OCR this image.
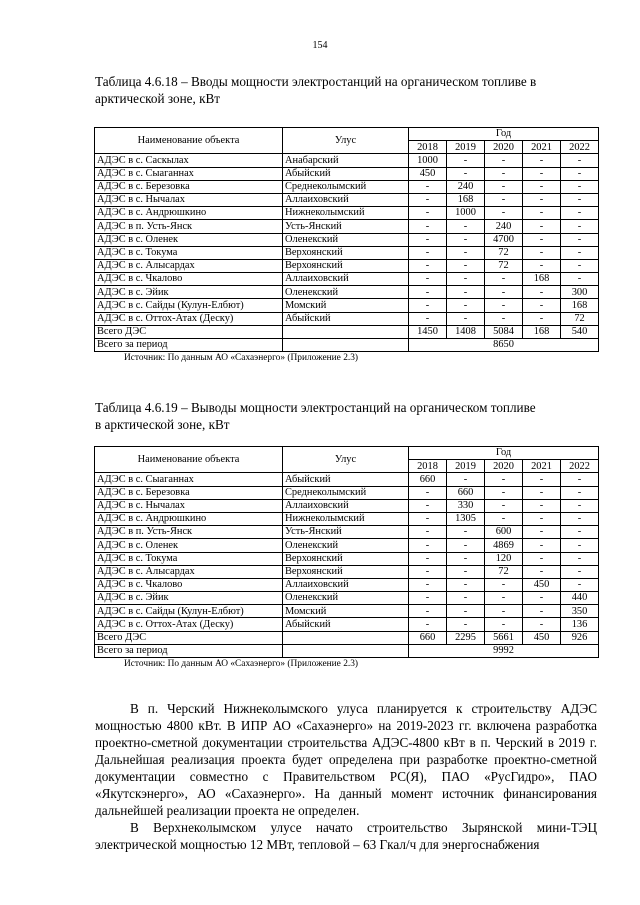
154
Таблица 4.6.18 – Вводы мощности электростанций на органическом топливе в арктической зоне, кВт
Наименование объекта	Улус	Год				
		2018	2019	2020	2021	2022
АДЭС в с. Саскылах	Анабарский	1000	-	-	-	-
АДЭС в с. Сыаганнах	Абыйский	450	-	-	-	-
АДЭС в с. Березовка	Среднеколымский	-	240	-	-	-
АДЭС в с. Нычалах	Аллаиховский	-	168	-	-	-
АДЭС в с. Андрюшкино	Нижнеколымский	-	1000	-	-	-
АДЭС в п. Усть-Янск	Усть-Янский	-	-	240	-	-
АДЭС в с. Оленек	Оленекский	-	-	4700	-	-
АДЭС в с. Токума	Верхоянский	-	-	72	-	-
АДЭС в с. Алысардах	Верхоянский	-	-	72	-	-
АДЭС в с. Чкалово	Аллаиховский	-	-	-	168	-
АДЭС в с. Эйик	Оленекский	-	-	-	-	300
АДЭС в с. Сайды (Кулун-Елбют)	Момский	-	-	-	-	168
АДЭС в с. Оттох-Атах (Деску)	Абыйский	-	-	-	-	72
Всего ДЭС		1450	1408	5084	168	540
Всего за период		8650				
Источник: По данным АО «Сахаэнерго» (Приложение 2.3)
Таблица 4.6.19 – Выводы мощности электростанций на органическом топливе в арктической зоне, кВт
Наименование объекта	Улус	Год				
		2018	2019	2020	2021	2022
АДЭС в с. Сыаганнах	Абыйский	660	-	-	-	-
АДЭС в с. Березовка	Среднеколымский	-	660	-	-	-
АДЭС в с. Нычалах	Аллаиховский	-	330	-	-	-
АДЭС в с. Андрюшкино	Нижнеколымский	-	1305	-	-	-
АДЭС в п. Усть-Янск	Усть-Янский	-	-	600	-	-
АДЭС в с. Оленек	Оленекский	-	-	4869	-	-
АДЭС в с. Токума	Верхоянский	-	-	120	-	-
АДЭС в с. Алысардах	Верхоянский	-	-	72	-	-
АДЭС в с. Чкалово	Аллаиховский	-	-	-	450	-
АДЭС в с. Эйик	Оленекский	-	-	-	-	440
АДЭС в с. Сайды (Кулун-Елбют)	Момский	-	-	-	-	350
АДЭС в с. Оттох-Атах (Деску)	Абыйский	-	-	-	-	136
Всего ДЭС		660	2295	5661	450	926
Всего за период		9992				
Источник: По данным АО «Сахаэнерго» (Приложение 2.3)

В п. Черский Нижнеколымского улуса планируется к строительству АДЭС мощностью 4800 кВт. В ИПР АО «Сахаэнерго» на 2019-2023 гг. включена разработка проектно-сметной документации строительства АДЭС-4800 кВт в п. Черский в 2019 г. Дальнейшая реализация проекта будет определена при разработке проектно-сметной документации совместно с Правительством РС(Я), ПАО «РусГидро», ПАО «Якутскэнерго», АО «Сахаэнерго». На данный момент источник финансирования дальнейшей реализации проекта не определен.

В Верхнеколымском улусе начато строительство Зырянской мини-ТЭЦ электрической мощностью 12 МВт, тепловой – 63 Гкал/ч для энергоснабжения
